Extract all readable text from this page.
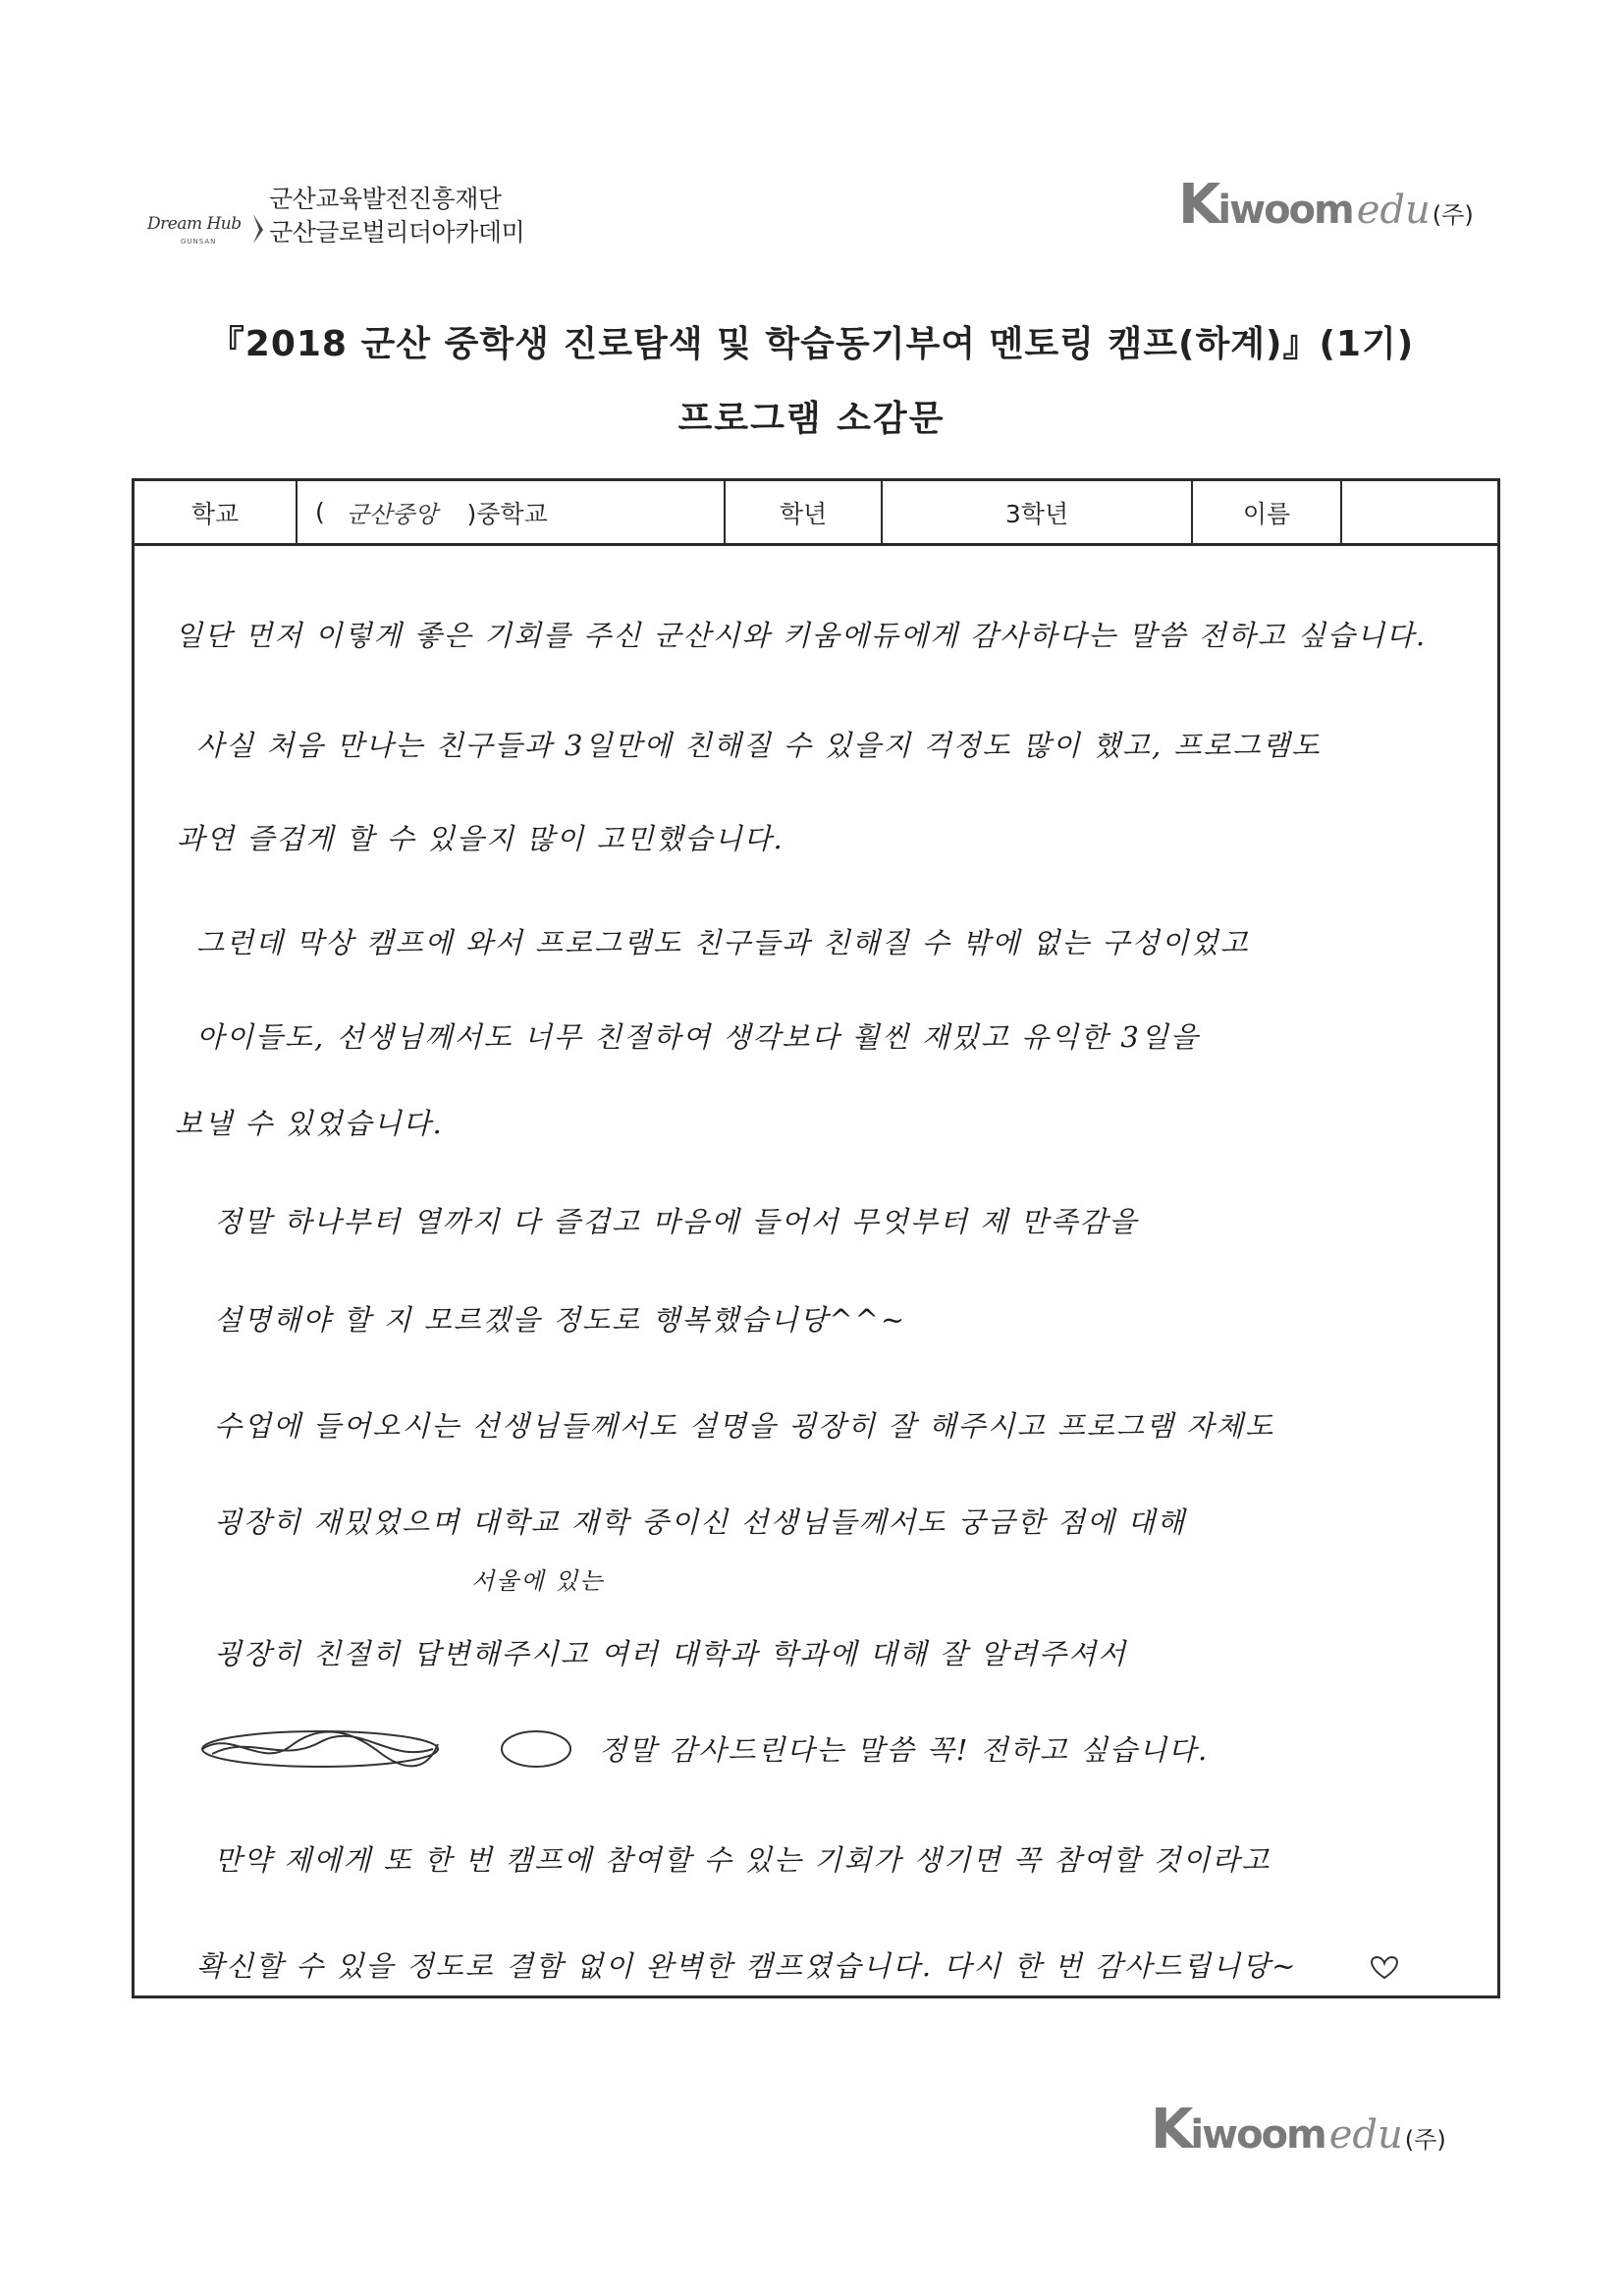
Dream Hub
GUNSAN
군산교육발전진흥재단
군산글로벌리더아카데미	Kiwoom edu(주)
『2018 군산 중학생 진로탐색 및 학습동기부여 멘토링 캠프(하계)』(1기)
프로그램 소감문
학교	( 군산중앙 )중학교	학년	3학년	이름
일단 먼저 이렇게 좋은 기회를 주신 군산시와 키움에듀에게 감사하다는 말씀 전하고 싶습니다.
사실 처음 만나는 친구들과 3일만에 친해질 수 있을지 걱정도 많이 했고, 프로그램도
과연 즐겁게 할 수 있을지 많이 고민했습니다.
그런데 막상 캠프에 와서 프로그램도 친구들과 친해질 수 밖에 없는 구성이었고
아이들도, 선생님께서도 너무 친절하여 생각보다 훨씬 재밌고 유익한 3일을
보낼 수 있었습니다.
정말 하나부터 열까지 다 즐겁고 마음에 들어서 무엇부터 제 만족감을
설명해야 할 지 모르겠을 정도로 행복했습니당^^~
수업에 들어오시는 선생님들께서도 설명을 굉장히 잘 해주시고 프로그램 자체도
굉장히 재밌었으며 대학교 재학 중이신 선생님들께서도 궁금한 점에 대해
서울에 있는
굉장히 친절히 답변해주시고 여러 대학과 학과에 대해 잘 알려주셔서
정말 감사드린다는 말씀 꼭! 전하고 싶습니다.
만약 제에게 또 한 번 캠프에 참여할 수 있는 기회가 생기면 꼭 참여할 것이라고
확신할 수 있을 정도로 결함 없이 완벽한 캠프였습니다. 다시 한 번 감사드립니당~
Kiwoom edu(주)
